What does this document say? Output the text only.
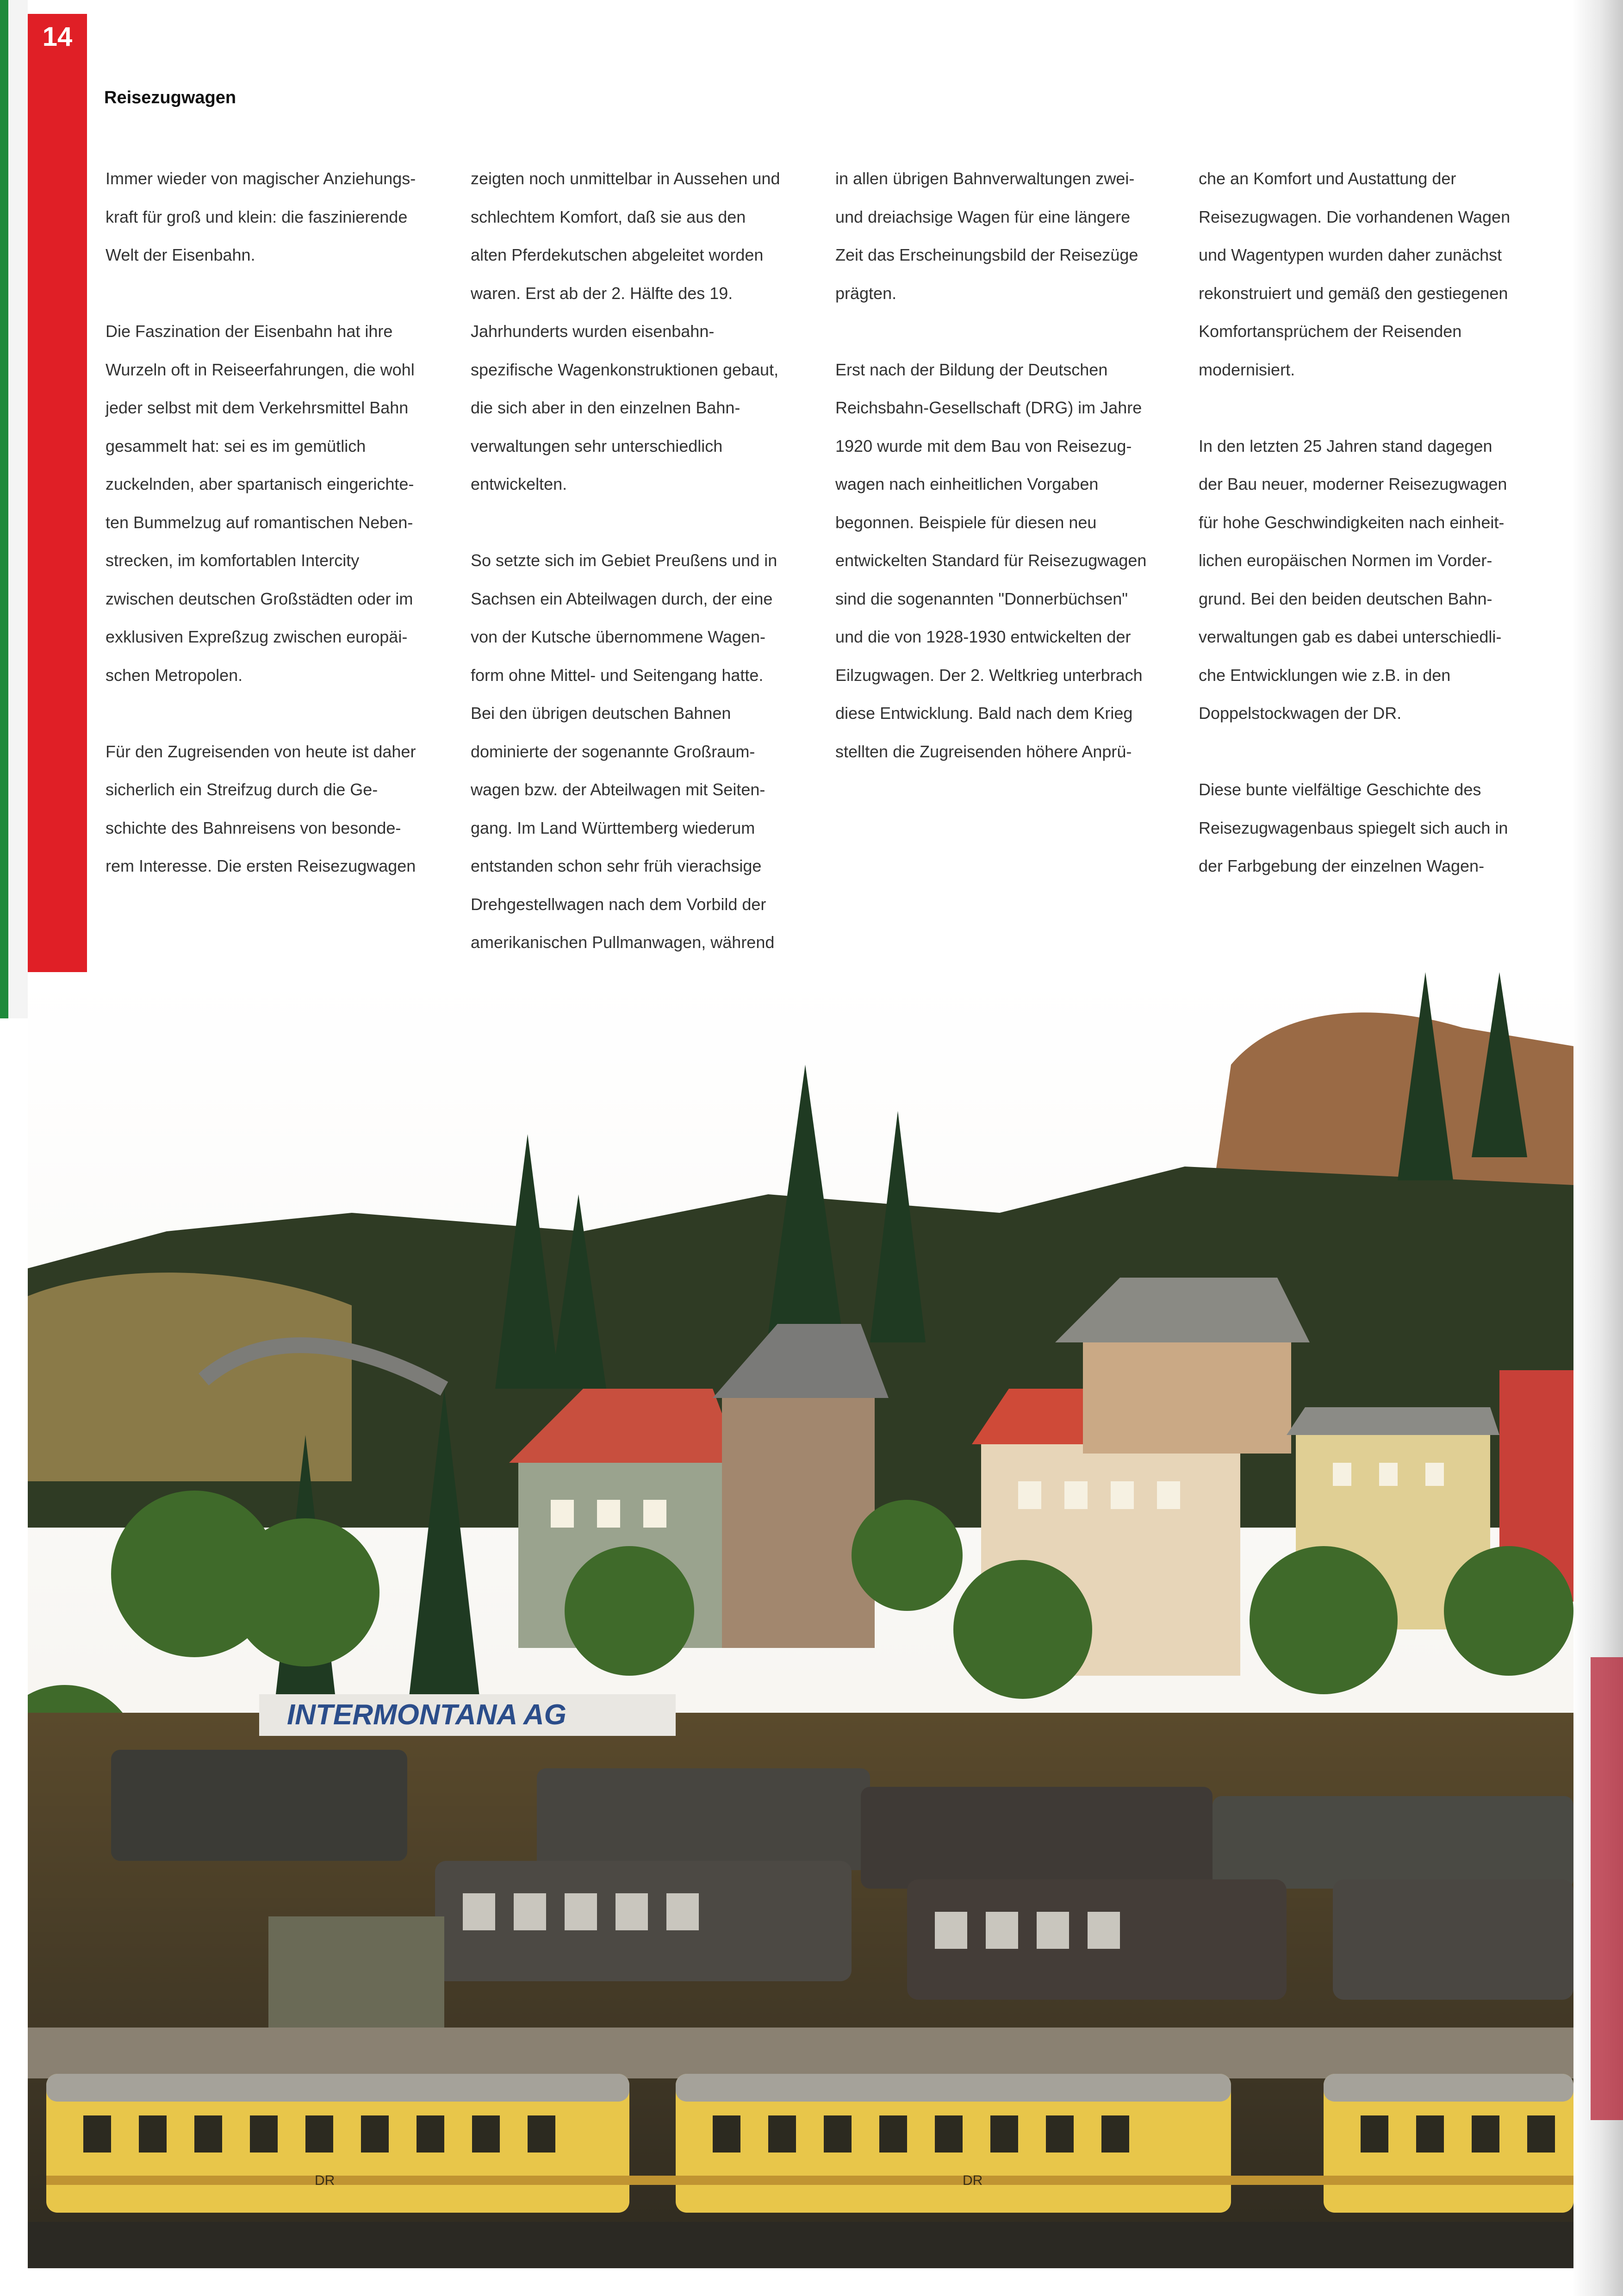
14
Reisezugwagen

Immer wieder von magischer Anziehungs-
kraft für groß und klein: die faszinierende
Welt der Eisenbahn.

Die Faszination der Eisenbahn hat ihre
Wurzeln oft in Reiseerfahrungen, die wohl
jeder selbst mit dem Verkehrsmittel Bahn
gesammelt hat: sei es im gemütlich
zuckelnden, aber spartanisch eingerichte-
ten Bummelzug auf romantischen Neben-
strecken, im komfortablen Intercity
zwischen deutschen Großstädten oder im
exklusiven Expreßzug zwischen europäi-
schen Metropolen.

Für den Zugreisenden von heute ist daher
sicherlich ein Streifzug durch die Ge-
schichte des Bahnreisens von besonde-
rem Interesse. Die ersten Reisezugwagen

zeigten noch unmittelbar in Aussehen und
schlechtem Komfort, daß sie aus den
alten Pferdekutschen abgeleitet worden
waren. Erst ab der 2. Hälfte des 19.
Jahrhunderts wurden eisenbahn-
spezifische Wagenkonstruktionen gebaut,
die sich aber in den einzelnen Bahn-
verwaltungen sehr unterschiedlich
entwickelten.

So setzte sich im Gebiet Preußens und in
Sachsen ein Abteilwagen durch, der eine
von der Kutsche übernommene Wagen-
form ohne Mittel- und Seitengang hatte.
Bei den übrigen deutschen Bahnen
dominierte der sogenannte Großraum-
wagen bzw. der Abteilwagen mit Seiten-
gang. Im Land Württemberg wiederum
entstanden schon sehr früh vierachsige
Drehgestellwagen nach dem Vorbild der
amerikanischen Pullmanwagen, während

in allen übrigen Bahnverwaltungen zwei-
und dreiachsige Wagen für eine längere
Zeit das Erscheinungsbild der Reisezüge
prägten.

Erst nach der Bildung der Deutschen
Reichsbahn-Gesellschaft (DRG) im Jahre
1920 wurde mit dem Bau von Reisezug-
wagen nach einheitlichen Vorgaben
begonnen. Beispiele für diesen neu
entwickelten Standard für Reisezugwagen
sind die sogenannten "Donnerbüchsen"
und die von 1928-1930 entwickelten der
Eilzugwagen. Der 2. Weltkrieg unterbrach
diese Entwicklung. Bald nach dem Krieg
stellten die Zugreisenden höhere Anprü-

che an Komfort und Austattung der
Reisezugwagen. Die vorhandenen Wagen
und Wagentypen wurden daher zunächst
rekonstruiert und gemäß den gestiegenen
Komfortansprüchem der Reisenden
modernisiert.

In den letzten 25 Jahren stand dagegen
der Bau neuer, moderner Reisezugwagen
für hohe Geschwindigkeiten nach einheit-
lichen europäischen Normen im Vorder-
grund. Bei den beiden deutschen Bahn-
verwaltungen gab es dabei unterschiedli-
che Entwicklungen wie z.B. in den
Doppelstockwagen der DR.

Diese bunte vielfältige Geschichte des
Reisezugwagenbaus spiegelt sich auch in
der Farbgebung der einzelnen Wagen-

INTERMONTANA AG
DR	DR
